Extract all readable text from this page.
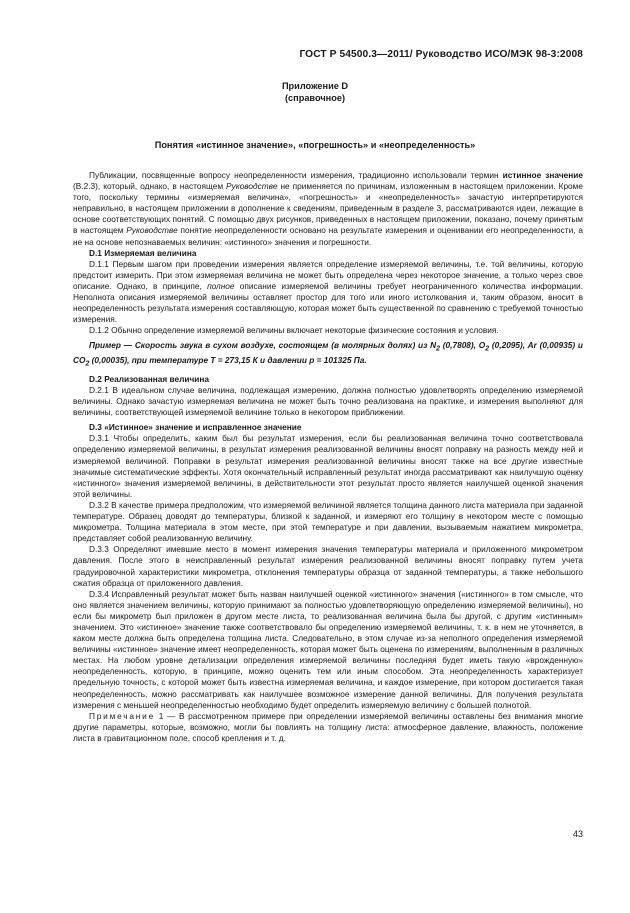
ГОСТ Р 54500.3—2011/ Руководство ИСО/МЭК 98-3:2008
Приложение D
(справочное)
Понятия «истинное значение», «погрешность» и «неопределенность»

Публикации, посвященные вопросу неопределенности измерения, традиционно использовали термин истинное значение (B.2.3), который, однако, в настоящем Руководстве не применяется по причинам, изложенным в настоящем приложении. Кроме того, поскольку термины «измеряемая величина», «погрешность» и «неопределенность» зачастую интерпретируются неправильно, в настоящем приложении в дополнение к сведениям, приведенным в разделе 3, рассматриваются идеи, лежащие в основе соответствующих понятий. С помощью двух рисунков, приведенных в настоящем приложении, показано, почему принятым в настоящем Руководстве понятие неопределенности основано на результате измерения и оценивании его неопределенности, а не на основе непознаваемых величин: «истинного» значения и погрешности.

D.1 Измеряемая величина

D.1.1 Первым шагом при проведении измерения является определение измеряемой величины, т.е. той величины, которую предстоит измерить. При этом измеряемая величина не может быть определена через некоторое значение, а только через свое описание. Однако, в принципе, полное описание измеряемой величины требует неограниченного количества информации. Неполнота описания измеряемой величины оставляет простор для того или иного истолкования и, таким образом, вносит в неопределенность результата измерения составляющую, которая может быть существенной по сравнению с требуемой точностью измерения.

D.1.2 Обычно определение измеряемой величины включает некоторые физические состояния и условия.

Пример — Скорость звука в сухом воздухе, состоящем (в молярных долях) из $N_2$ (0,7808), $O_2$ (0,2095), Ar (0,00935) и $CO_2$ (0,00035), при температуре T = 273,15 К и давлении p = 101325 Па.

D.2 Реализованная величина

D.2.1 В идеальном случае величина, подлежащая измерению, должна полностью удовлетворять определению измеряемой величины. Однако зачастую измеряемая величина не может быть точно реализована на практике, и измерения выполняют для величины, соответствующей измеряемой величине только в некотором приближении.

D.3 «Истинное» значение и исправленное значение

D.3.1 Чтобы определить, каким был бы результат измерения, если бы реализованная величина точно соответствовала определению измеряемой величины, в результат измерения реализованной величины вносят поправку на разность между ней и измеряемой величиной. Поправки в результат измерения реализованной величины вносят также на все другие известные значимые систематические эффекты. Хотя окончательный исправленный результат иногда рассматривают как наилучшую оценку «истинного» значения измеряемой величины, в действительности этот результат просто является наилучшей оценкой значения этой величины.

D.3.2 В качестве примера предположим, что измеряемой величиной является толщина данного листа материала при заданной температуре. Образец доводят до температуры, близкой к заданной, и измеряют его толщину в некотором месте с помощью микрометра. Толщина материала в этом месте, при этой температуре и при давлении, вызываемым нажатием микрометра, представляет собой реализованную величину.

D.3.3 Определяют имевшие место в момент измерения значения температуры материала и приложенного микрометром давления. После этого в неисправленный результат измерения реализованной величины вносят поправку путем учета градуировочной характеристики микрометра, отклонения температуры образца от заданной температуры, а также небольшого сжатия образца от приложенного давления.

D.3.4 Исправленный результат может быть назван наилучшей оценкой «истинного» значения («истинного» в том смысле, что оно является значением величины, которую принимают за полностью удовлетворяющую определению измеряемой величины), но если бы микрометр был приложен в другом месте листа, то реализованная величина была бы другой, с другим «истинным» значением. Это «истинное» значение также соответствовало бы определению измеряемой величины, т. к. в нем не уточняется, в каком месте должна быть определена толщина листа. Следовательно, в этом случае из-за неполного определения измеряемой величины «истинное» значение имеет неопределенность, которая может быть оценена по измерениям, выполненным в различных местах. На любом уровне детализации определения измеряемой величины последняя будет иметь такую «врожденную» неопределенность, которую, в принципе, можно оценить тем или иным способом. Эта неопределенность характеризует предельную точность, с которой может быть известна измеряемая величина, и каждое измерение, при котором достигается такая неопределенность, можно рассматривать как наилучшее возможное измерение данной величины. Для получения результата измерения с меньшей неопределенностью необходимо будет определить измеряемую величину с большей полнотой.

Примечание 1 — В рассмотренном примере при определении измеряемой величины оставлены без внимания многие другие параметры, которые, возможно, могли бы повлиять на толщину листа: атмосферное давление, влажность, положение листа в гравитационном поле, способ крепления и т. д.

43
